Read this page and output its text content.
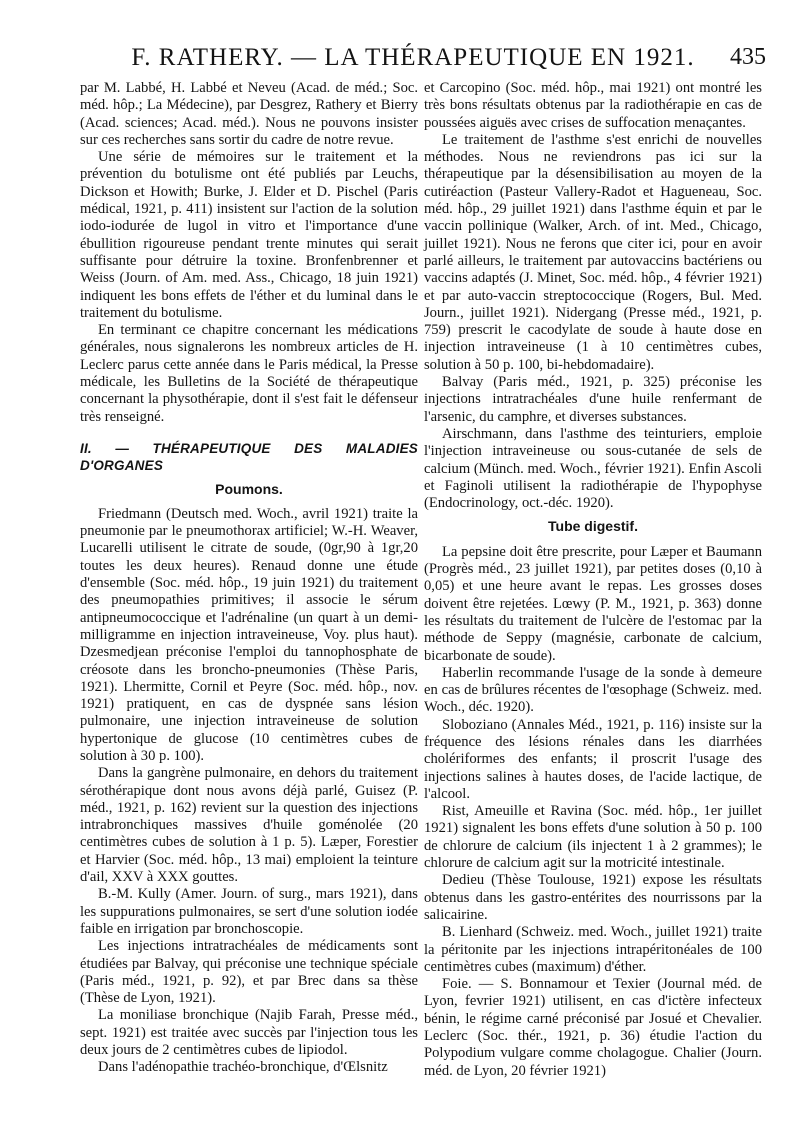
F. RATHERY. — LA THÉRAPEUTIQUE EN 1921.	435

par M. Labbé, H. Labbé et Neveu (Acad. de méd.; Soc. méd. hôp.; La Médecine), par Desgrez, Rathery et Bierry (Acad. sciences; Acad. méd.). Nous ne pouvons insister sur ces recherches sans sortir du cadre de notre revue.

Une série de mémoires sur le traitement et la prévention du botulisme ont été publiés par Leuchs, Dickson et Howith; Burke, J. Elder et D. Pischel (Paris médical, 1921, p. 411) insistent sur l'action de la solution iodo-iodurée de lugol in vitro et l'importance d'une ébullition rigoureuse pendant trente minutes qui serait suffisante pour détruire la toxine. Bronfenbrenner et Weiss (Journ. of Am. med. Ass., Chicago, 18 juin 1921) indiquent les bons effets de l'éther et du luminal dans le traitement du botulisme.

En terminant ce chapitre concernant les médications générales, nous signalerons les nombreux articles de H. Leclerc parus cette année dans le Paris médical, la Presse médicale, les Bulletins de la Société de thérapeutique concernant la physothérapie, dont il s'est fait le défenseur très renseigné.

II. — THÉRAPEUTIQUE DES MALADIES D'ORGANES
Poumons.

Friedmann (Deutsch med. Woch., avril 1921) traite la pneumonie par le pneumothorax artificiel; W.-H. Weaver, Lucarelli utilisent le citrate de soude, (0gr,90 à 1gr,20 toutes les deux heures). Renaud donne une étude d'ensemble (Soc. méd. hôp., 19 juin 1921) du traitement des pneumopathies primitives; il associe le sérum antipneumococcique et l'adrénaline (un quart à un demi-milligramme en injection intraveineuse, Voy. plus haut). Dzesmedjean préconise l'emploi du tannophosphate de créosote dans les broncho-pneumonies (Thèse Paris, 1921). Lhermitte, Cornil et Peyre (Soc. méd. hôp., nov. 1921) pratiquent, en cas de dyspnée sans lésion pulmonaire, une injection intraveineuse de solution hypertonique de glucose (10 centimètres cubes de solution à 30 p. 100).

Dans la gangrène pulmonaire, en dehors du traitement sérothérapique dont nous avons déjà parlé, Guisez (P. méd., 1921, p. 162) revient sur la question des injections intrabronchiques massives d'huile goménolée (20 centimètres cubes de solution à 1 p. 5). Læper, Forestier et Harvier (Soc. méd. hôp., 13 mai) emploient la teinture d'ail, XXV à XXX gouttes.

B.-M. Kully (Amer. Journ. of surg., mars 1921), dans les suppurations pulmonaires, se sert d'une solution iodée faible en irrigation par bronchoscopie.

Les injections intratrachéales de médicaments sont étudiées par Balvay, qui préconise une technique spéciale (Paris méd., 1921, p. 92), et par Brec dans sa thèse (Thèse de Lyon, 1921).

La moniliase bronchique (Najib Farah, Presse méd., sept. 1921) est traitée avec succès par l'injection tous les deux jours de 2 centimètres cubes de lipiodol.

Dans l'adénopathie trachéo-bronchique, d'Œlsnitz

et Carcopino (Soc. méd. hôp., mai 1921) ont montré les très bons résultats obtenus par la radiothérapie en cas de poussées aiguës avec crises de suffocation menaçantes.

Le traitement de l'asthme s'est enrichi de nouvelles méthodes. Nous ne reviendrons pas ici sur la thérapeutique par la désensibilisation au moyen de la cutiréaction (Pasteur Vallery-Radot et Hagueneau, Soc. méd. hôp., 29 juillet 1921) dans l'asthme équin et par le vaccin pollinique (Walker, Arch. of int. Med., Chicago, juillet 1921). Nous ne ferons que citer ici, pour en avoir parlé ailleurs, le traitement par autovaccins bactériens ou vaccins adaptés (J. Minet, Soc. méd. hôp., 4 février 1921) et par auto-vaccin streptococcique (Rogers, Bul. Med. Journ., juillet 1921). Nidergang (Presse méd., 1921, p. 759) prescrit le cacodylate de soude à haute dose en injection intraveineuse (1 à 10 centimètres cubes, solution à 50 p. 100, bi-hebdomadaire).

Balvay (Paris méd., 1921, p. 325) préconise les injections intratrachéales d'une huile renfermant de l'arsenic, du camphre, et diverses substances.

Airschmann, dans l'asthme des teinturiers, emploie l'injection intraveineuse ou sous-cutanée de sels de calcium (Münch. med. Woch., février 1921). Enfin Ascoli et Faginoli utilisent la radiothérapie de l'hypophyse (Endocrinology, oct.-déc. 1920).

Tube digestif.

La pepsine doit être prescrite, pour Læper et Baumann (Progrès méd., 23 juillet 1921), par petites doses (0,10 à 0,05) et une heure avant le repas. Les grosses doses doivent être rejetées. Lœwy (P. M., 1921, p. 363) donne les résultats du traitement de l'ulcère de l'estomac par la méthode de Seppy (magnésie, carbonate de calcium, bicarbonate de soude).

Haberlin recommande l'usage de la sonde à demeure en cas de brûlures récentes de l'œsophage (Schweiz. med. Woch., déc. 1920).

Sloboziano (Annales Méd., 1921, p. 116) insiste sur la fréquence des lésions rénales dans les diarrhées cholériformes des enfants; il proscrit l'usage des injections salines à hautes doses, de l'acide lactique, de l'alcool.

Rist, Ameuille et Ravina (Soc. méd. hôp., 1er juillet 1921) signalent les bons effets d'une solution à 50 p. 100 de chlorure de calcium (ils injectent 1 à 2 grammes); le chlorure de calcium agit sur la motricité intestinale.

Dedieu (Thèse Toulouse, 1921) expose les résultats obtenus dans les gastro-entérites des nourrissons par la salicairine.

B. Lienhard (Schweiz. med. Woch., juillet 1921) traite la péritonite par les injections intrapéritonéales de 100 centimètres cubes (maximum) d'éther.

Foie. — S. Bonnamour et Texier (Journal méd. de Lyon, fevrier 1921) utilisent, en cas d'ictère infecteux bénin, le régime carné préconisé par Josué et Chevalier. Leclerc (Soc. thér., 1921, p. 36) étudie l'action du Polypodium vulgare comme cholagogue. Chalier (Journ. méd. de Lyon, 20 février 1921)
